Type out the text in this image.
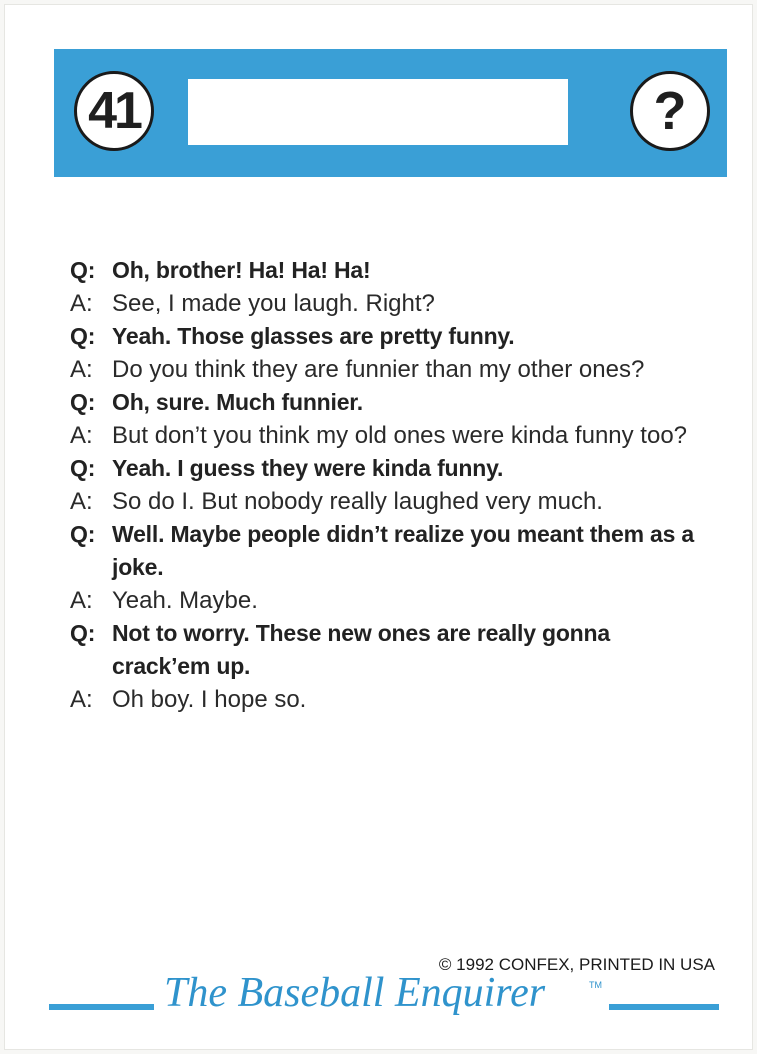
41	?
Q: Oh, brother! Ha! Ha! Ha!
A: See, I made you laugh. Right?
Q: Yeah. Those glasses are pretty funny.
A: Do you think they are funnier than my other ones?
Q: Oh, sure. Much funnier.
A: But don’t you think my old ones were kinda funny too?
Q: Yeah. I guess they were kinda funny.
A: So do I. But nobody really laughed very much.
Q: Well. Maybe people didn’t realize you meant them as a joke.
A: Yeah. Maybe.
Q: Not to worry. These new ones are really gonna crack’em up.
A: Oh boy. I hope so.
© 1992 CONFEX, PRINTED IN USA
The Baseball Enquirer	TM
